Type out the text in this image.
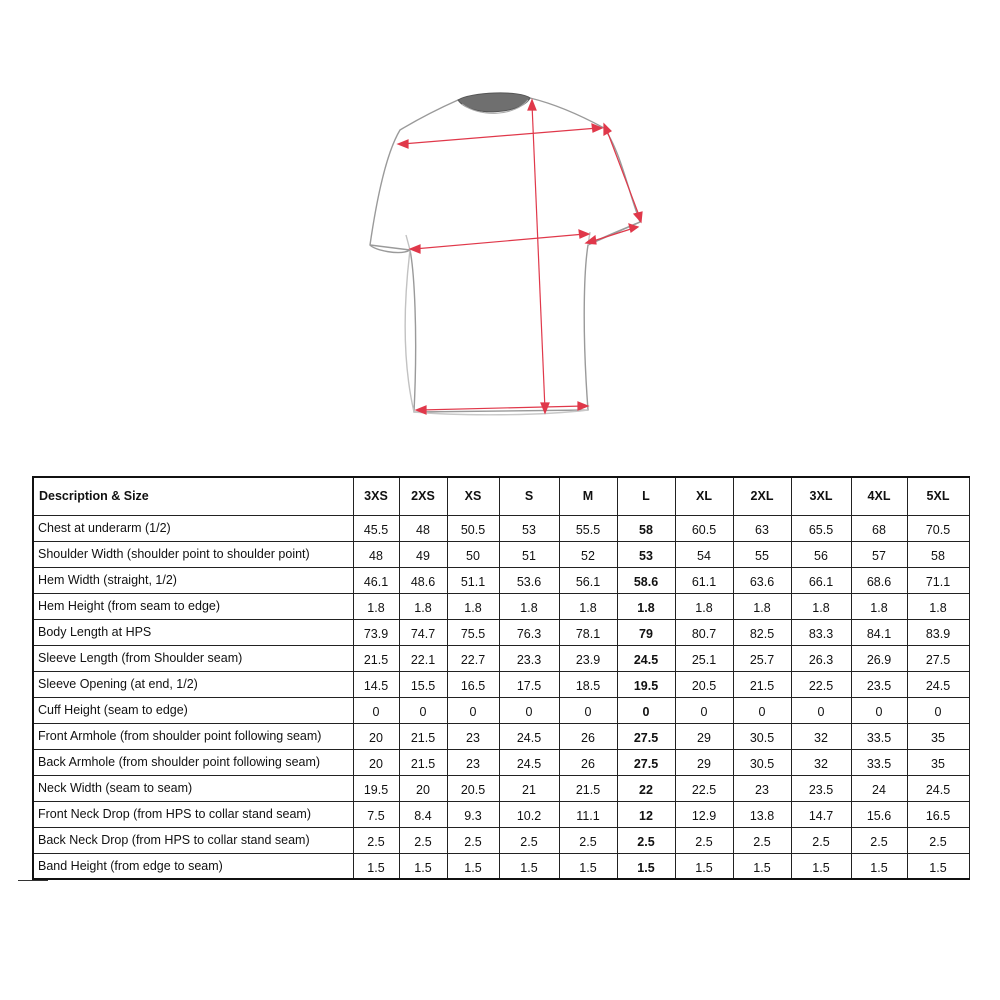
Description & Size	3XS	2XS	XS	S	M	L	XL	2XL	3XL	4XL	5XL
Chest at underarm (1/2)	45.5	48	50.5	53	55.5	58	60.5	63	65.5	68	70.5
Shoulder Width (shoulder point to shoulder point)	48	49	50	51	52	53	54	55	56	57	58
Hem Width (straight, 1/2)	46.1	48.6	51.1	53.6	56.1	58.6	61.1	63.6	66.1	68.6	71.1
Hem Height (from seam to edge)	1.8	1.8	1.8	1.8	1.8	1.8	1.8	1.8	1.8	1.8	1.8
Body Length at HPS	73.9	74.7	75.5	76.3	78.1	79	80.7	82.5	83.3	84.1	83.9
Sleeve Length (from Shoulder seam)	21.5	22.1	22.7	23.3	23.9	24.5	25.1	25.7	26.3	26.9	27.5
Sleeve Opening (at end, 1/2)	14.5	15.5	16.5	17.5	18.5	19.5	20.5	21.5	22.5	23.5	24.5
Cuff Height (seam to edge)	0	0	0	0	0	0	0	0	0	0	0
Front Armhole (from shoulder point following seam)	20	21.5	23	24.5	26	27.5	29	30.5	32	33.5	35
Back Armhole (from shoulder point following seam)	20	21.5	23	24.5	26	27.5	29	30.5	32	33.5	35
Neck Width (seam to seam)	19.5	20	20.5	21	21.5	22	22.5	23	23.5	24	24.5
Front Neck Drop (from HPS to collar stand seam)	7.5	8.4	9.3	10.2	11.1	12	12.9	13.8	14.7	15.6	16.5
Back Neck Drop (from HPS to collar stand seam)	2.5	2.5	2.5	2.5	2.5	2.5	2.5	2.5	2.5	2.5	2.5
Band Height (from edge to seam)	1.5	1.5	1.5	1.5	1.5	1.5	1.5	1.5	1.5	1.5	1.5
